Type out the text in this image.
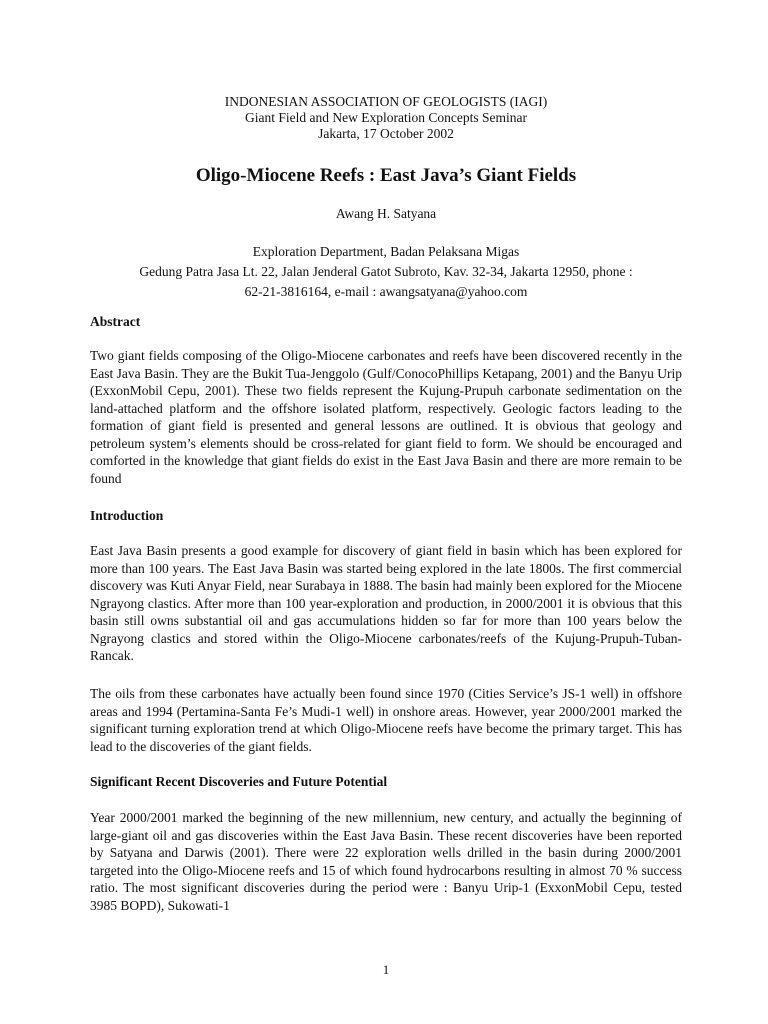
INDONESIAN ASSOCIATION OF GEOLOGISTS (IAGI)
Giant Field and New Exploration Concepts Seminar
Jakarta, 17 October 2002
Oligo-Miocene Reefs : East Java’s Giant Fields
Awang H. Satyana
Exploration Department, Badan Pelaksana Migas
Gedung Patra Jasa Lt. 22, Jalan Jenderal Gatot Subroto, Kav. 32-34, Jakarta 12950, phone :
62-21-3816164, e-mail : awangsatyana@yahoo.com
Abstract
Two giant fields composing of the Oligo-Miocene carbonates and reefs have been discovered recently in the East Java Basin. They are the Bukit Tua-Jenggolo (Gulf/ConocoPhillips Ketapang, 2001) and the Banyu Urip (ExxonMobil Cepu, 2001). These two fields represent the Kujung-Prupuh carbonate sedimentation on the land-attached platform and the offshore isolated platform, respectively. Geologic factors leading to the formation of giant field is presented and general lessons are outlined. It is obvious that geology and petroleum system’s elements should be cross-related for giant field to form. We should be encouraged and comforted in the knowledge that giant fields do exist in the East Java Basin and there are more remain to be found
Introduction
East Java Basin presents a good example for discovery of giant field in basin which has been explored for more than 100 years. The East Java Basin was started being explored in the late 1800s. The first commercial discovery was Kuti Anyar Field, near Surabaya in 1888. The basin had mainly been explored for the Miocene Ngrayong clastics. After more than 100 year-exploration and production, in 2000/2001 it is obvious that this basin still owns substantial oil and gas accumulations hidden so far for more than 100 years below the Ngrayong clastics and stored within the Oligo-Miocene carbonates/reefs of the Kujung-Prupuh-Tuban-Rancak.
The oils from these carbonates have actually been found since 1970 (Cities Service’s JS-1 well) in offshore areas and 1994 (Pertamina-Santa Fe’s Mudi-1 well) in onshore areas. However, year 2000/2001 marked the significant turning exploration trend at which Oligo-Miocene reefs have become the primary target. This has lead to the discoveries of the giant fields.
Significant Recent Discoveries and Future Potential
Year 2000/2001 marked the beginning of the new millennium, new century, and actually the beginning of large-giant oil and gas discoveries within the East Java Basin. These recent discoveries have been reported by Satyana and Darwis (2001). There were 22 exploration wells drilled in the basin during 2000/2001 targeted into the Oligo-Miocene reefs and 15 of which found hydrocarbons resulting in almost 70 % success ratio. The most significant discoveries during the period were : Banyu Urip-1 (ExxonMobil Cepu, tested 3985 BOPD), Sukowati-1
1
